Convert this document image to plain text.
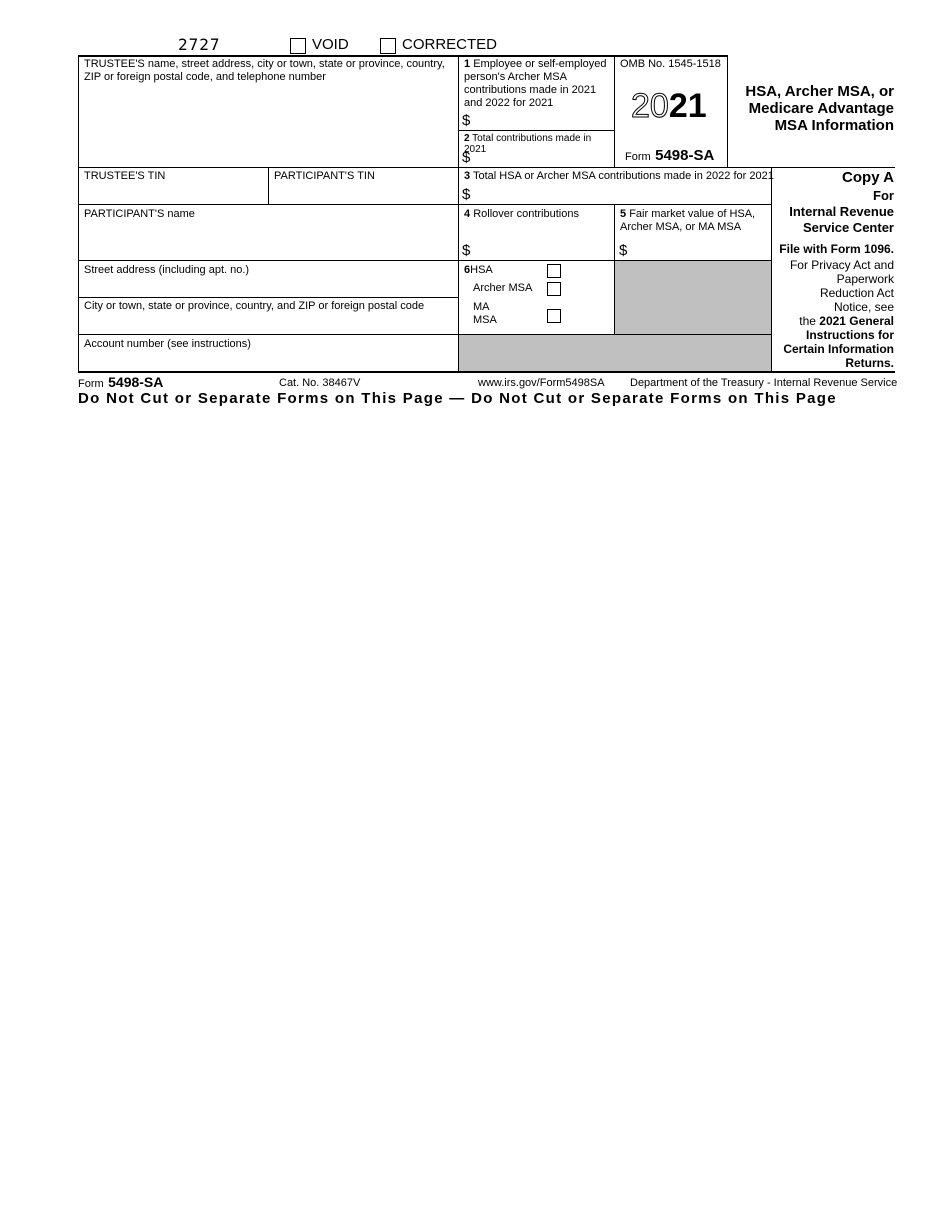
2727	VOID	CORRECTED
TRUSTEE'S name, street address, city or town, state or province, country, ZIP or foreign postal code, and telephone number
1 Employee or self-employed person's Archer MSA contributions made in 2021 and 2022 for 2021
$
2 Total contributions made in 2021
$
OMB No. 1545-1518
2021
Form 5498-SA
HSA, Archer MSA, or
Medicare Advantage
MSA Information
TRUSTEE'S TIN	PARTICIPANT'S TIN	3 Total HSA or Archer MSA contributions made in 2022 for 2021
$
PARTICIPANT'S name	4 Rollover contributions
$
5 Fair market value of HSA, Archer MSA, or MA MSA
$
Street address (including apt. no.)
City or town, state or province, country, and ZIP or foreign postal code
6HSA
Archer MSA
MA
MSA
Account number (see instructions)
Copy A
For
Internal Revenue
Service Center
File with Form 1096.
For Privacy Act and
Paperwork
Reduction Act
Notice, see
the 2021 General
Instructions for
Certain Information
Returns.
Form 5498-SA	Cat. No. 38467V	www.irs.gov/Form5498SA Department of the Treasury - Internal Revenue Service
Do Not Cut or Separate Forms on This Page — Do Not Cut or Separate Forms on This Page
